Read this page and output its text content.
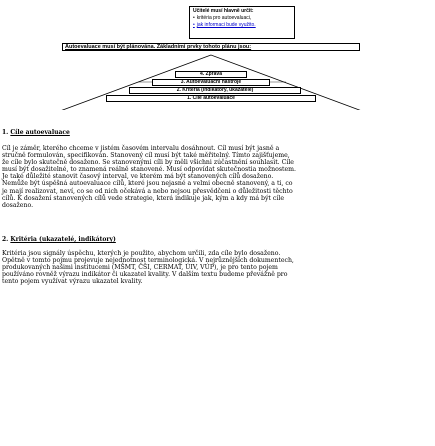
Učitelé musí hlavně určit:
• kritéria pro autoevaluaci,
• jak informaci bude využito.
Autoevaluace musí být plánována. Základními prvky tohoto plánu jsou:
4. Zpráva
3. Autoevaluační nástroje
2. Kritéria (indikátory, ukazatelé)
1. Cíle autoevaluace
1. Cíle autoevaluace
Cíl je záměr, kterého chceme v jistém časovém intervalu dosáhnout. Cíl musí být jasně a
stručně formulován, specifikován. Stanovený cíl musí být také měřitelný. Tímto zajišťujeme,
že cíle bylo skutečně dosaženo. Se stanovenými cíli by měli všichni zúčastnění souhlasit. Cíle
musí být dosažitelné, to znamená reálně stanovené. Musí odpovídat skutečnostia možnostem.
Je také důležité stanovit časový interval, ve kterém má být stanovených cílů dosaženo.
Nemůže být úspěšná autoevaluace cílů, které jsou nejasné a velmi obecně stanovený, a ti, co
je mají realizovat, neví, co se od nich očekává a nebo nejsou přesvědčeni o důležitosti těchto
cílů. K dosažení stanovených cílů vede strategie, která indikuje jak, kým a kdy má být cíle
dosaženo.
2. Kritéria (ukazatelé, indikátory)
Kritéria jsou signály úspěchu, kterých je použito, abychom určili, zda cíle bylo dosaženo.
Opětně v tomto pojmu projevuje nejednotnost terminologická. V nejrůznějších dokumentech,
produkovaných našimi institucemi (MŠMT, ČŠI, CERMAT, ÚIV, VÚP), je pro tento pojem
používáno rovněž výrazu indikátor či ukazatel kvality. V dalším textu budeme převážně pro
tento pojem využívat výrazu ukazatel kvality.
